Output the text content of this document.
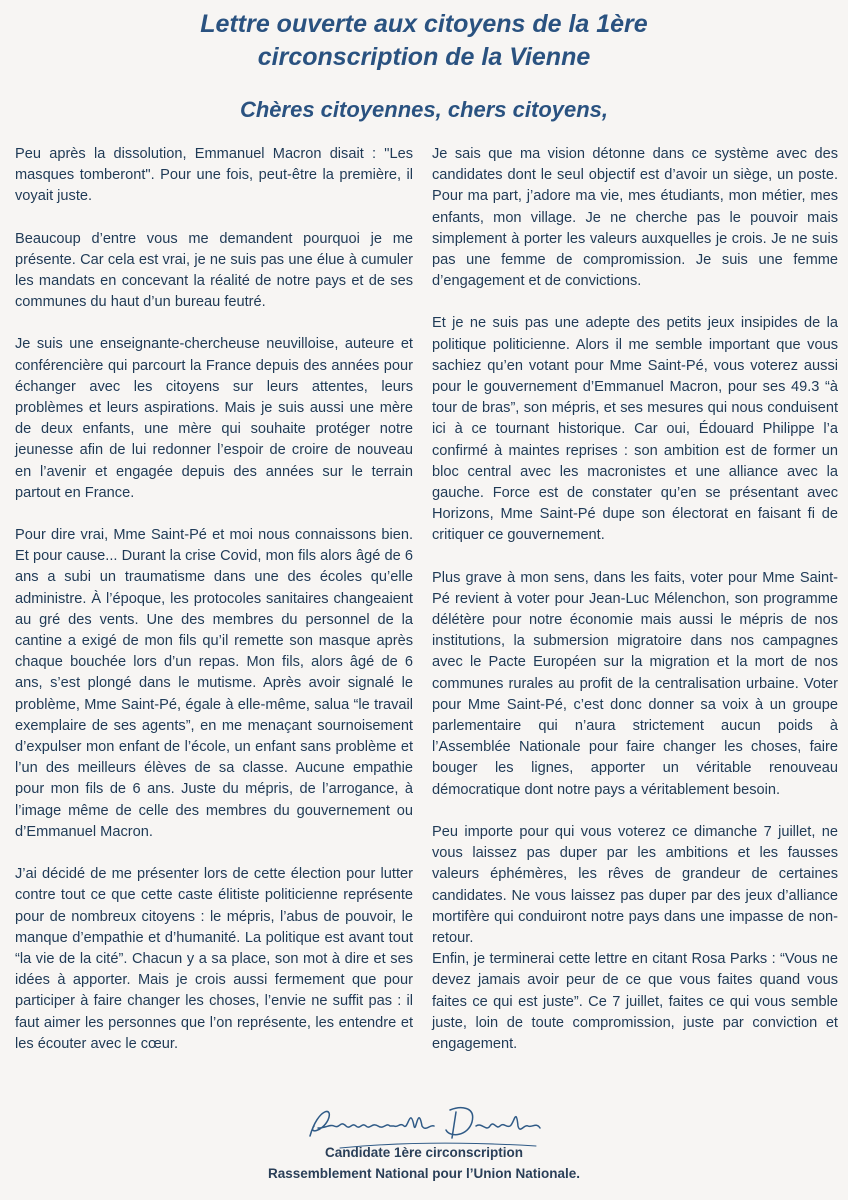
Lettre ouverte aux citoyens de la 1ère
circonscription de la Vienne
Chères citoyennes, chers citoyens,

Peu après la dissolution, Emmanuel Macron disait : "Les masques tomberont". Pour une fois, peut-être la première, il voyait juste.

Beaucoup d’entre vous me demandent pourquoi je me présente. Car cela est vrai, je ne suis pas une élue à cumuler les mandats en concevant la réalité de notre pays et de ses communes du haut d’un bureau feutré.

Je suis une enseignante-chercheuse neuvilloise, auteure et conférencière qui parcourt la France depuis des années pour échanger avec les citoyens sur leurs attentes, leurs problèmes et leurs aspirations. Mais je suis aussi une mère de deux enfants, une mère qui souhaite protéger notre jeunesse afin de lui redonner l’espoir de croire de nouveau en l’avenir et engagée depuis des années sur le terrain partout en France.

Pour dire vrai, Mme Saint-Pé et moi nous connaissons bien. Et pour cause... Durant la crise Covid, mon fils alors âgé de 6 ans a subi un traumatisme dans une des écoles qu’elle administre. À l’époque, les protocoles sanitaires changeaient au gré des vents. Une des membres du personnel de la cantine a exigé de mon fils qu’il remette son masque après chaque bouchée lors d’un repas. Mon fils, alors âgé de 6 ans, s’est plongé dans le mutisme. Après avoir signalé le problème, Mme Saint-Pé, égale à elle-même, salua “le travail exemplaire de ses agents”, en me menaçant sournoisement d’expulser mon enfant de l’école, un enfant sans problème et l’un des meilleurs élèves de sa classe. Aucune empathie pour mon fils de 6 ans. Juste du mépris, de l’arrogance, à l’image même de celle des membres du gouvernement ou d’Emmanuel Macron.

J’ai décidé de me présenter lors de cette élection pour lutter contre tout ce que cette caste élitiste politicienne représente pour de nombreux citoyens : le mépris, l’abus de pouvoir, le manque d’empathie et d’humanité. La politique est avant tout “la vie de la cité”. Chacun y a sa place, son mot à dire et ses idées à apporter. Mais je crois aussi fermement que pour participer à faire changer les choses, l’envie ne suffit pas : il faut aimer les personnes que l’on représente, les entendre et les écouter avec le cœur.

Je sais que ma vision détonne dans ce système avec des candidates dont le seul objectif est d’avoir un siège, un poste. Pour ma part, j’adore ma vie, mes étudiants, mon métier, mes enfants, mon village. Je ne cherche pas le pouvoir mais simplement à porter les valeurs auxquelles je crois. Je ne suis pas une femme de compromission. Je suis une femme d’engagement et de convictions.

Et je ne suis pas une adepte des petits jeux insipides de la politique politicienne. Alors il me semble important que vous sachiez qu’en votant pour Mme Saint-Pé, vous voterez aussi pour le gouvernement d’Emmanuel Macron, pour ses 49.3 “à tour de bras”, son mépris, et ses mesures qui nous conduisent ici à ce tournant historique. Car oui, Édouard Philippe l’a confirmé à maintes reprises : son ambition est de former un bloc central avec les macronistes et une alliance avec la gauche. Force est de constater qu’en se présentant avec Horizons, Mme Saint-Pé dupe son électorat en faisant fi de critiquer ce gouvernement.

Plus grave à mon sens, dans les faits, voter pour Mme Saint-Pé revient à voter pour Jean-Luc Mélenchon, son programme délétère pour notre économie mais aussi le mépris de nos institutions, la submersion migratoire dans nos campagnes avec le Pacte Européen sur la migration et la mort de nos communes rurales au profit de la centralisation urbaine. Voter pour Mme Saint-Pé, c’est donc donner sa voix à un groupe parlementaire qui n’aura strictement aucun poids à l’Assemblée Nationale pour faire changer les choses, faire bouger les lignes, apporter un véritable renouveau démocratique dont notre pays a véritablement besoin.

Peu importe pour qui vous voterez ce dimanche 7 juillet, ne vous laissez pas duper par les ambitions et les fausses valeurs éphémères, les rêves de grandeur de certaines candidates. Ne vous laissez pas duper par des jeux d’alliance mortifère qui conduiront notre pays dans une impasse de non-retour.

Enfin, je terminerai cette lettre en citant Rosa Parks : “Vous ne devez jamais avoir peur de ce que vous faites quand vous faites ce qui est juste”. Ce 7 juillet, faites ce qui vous semble juste, loin de toute compromission, juste par conviction et engagement.

Candidate 1ère circonscription
Rassemblement National pour l’Union Nationale.
